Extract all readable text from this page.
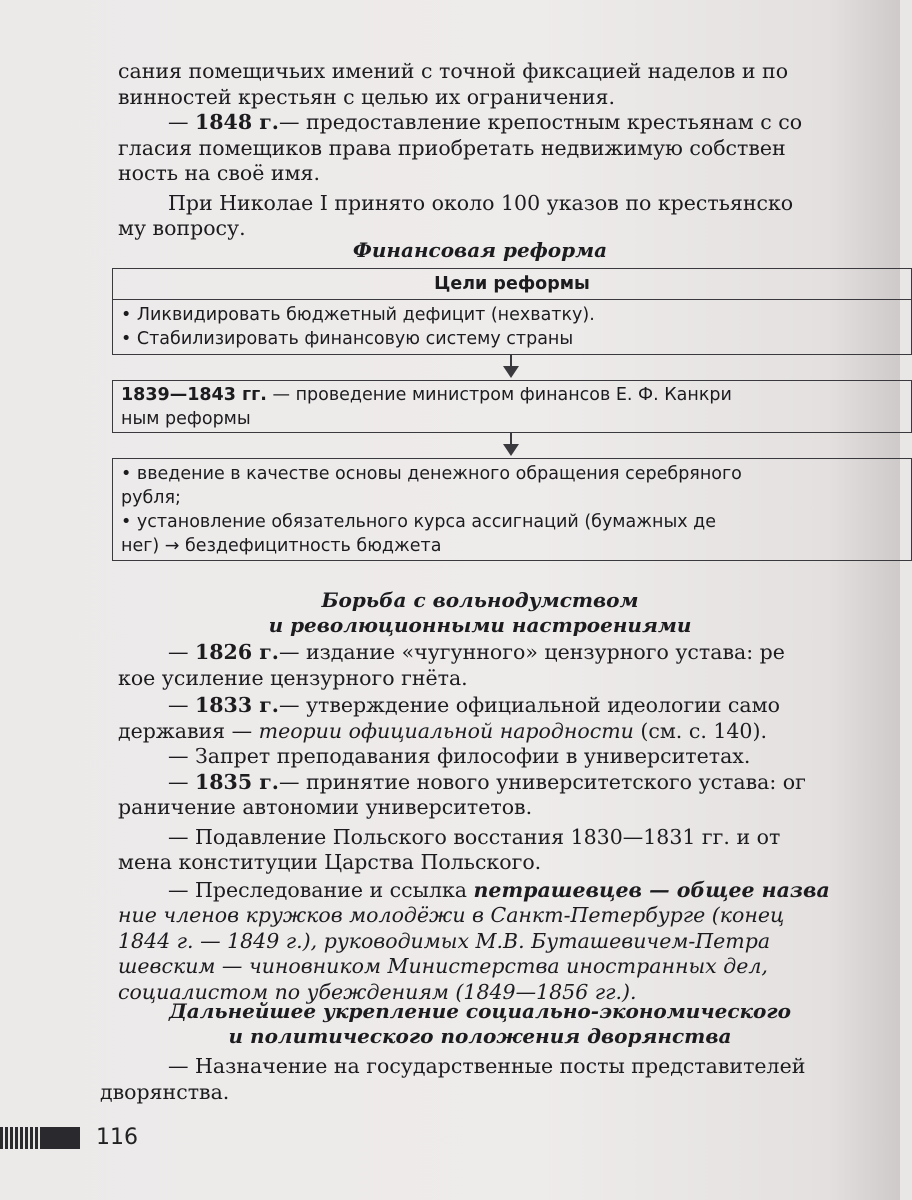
сания помещичьих имений с точной фиксацией наделов и по
винностей крестьян с целью их ограничения.
— 1848 г.— предоставление крепостным крестьянам с со
гласия помещиков права приобретать недвижимую собствен
ность на своё имя.
При Николае I принято около 100 указов по крестьянско
му вопросу.
Финансовая реформа
Цели реформы
• Ликвидировать бюджетный дефицит (нехватку).
• Стабилизировать финансовую систему страны
1839—1843 гг. — проведение министром финансов Е. Ф. Канкри
ным реформы
• введение в качестве основы денежного обращения серебряного
рубля;
• установление обязательного курса ассигнаций (бумажных де
нег) → бездефицитность бюджета
Борьба с вольнодумством
и революционными настроениями
— 1826 г.— издание «чугунного» цензурного устава: ре
кое усиление цензурного гнёта.
— 1833 г.— утверждение официальной идеологии само
державия — теории официальной народности (см. с. 140).
— Запрет преподавания философии в университетах.
— 1835 г.— принятие нового университетского устава: ог
раничение автономии университетов.
— Подавление Польского восстания 1830—1831 гг. и от
мена конституции Царства Польского.
— Преследование и ссылка петрашевцев — общее назва
ние членов кружков молодёжи в Санкт-Петербурге (конец
1844 г. — 1849 г.), руководимых М.В. Буташевичем-Петра
шевским — чиновником Министерства иностранных дел,
социалистом по убеждениям (1849—1856 гг.).
Дальнейшее укрепление социально-экономического
и политического положения дворянства
— Назначение на государственные посты представителей
дворянства.
116
